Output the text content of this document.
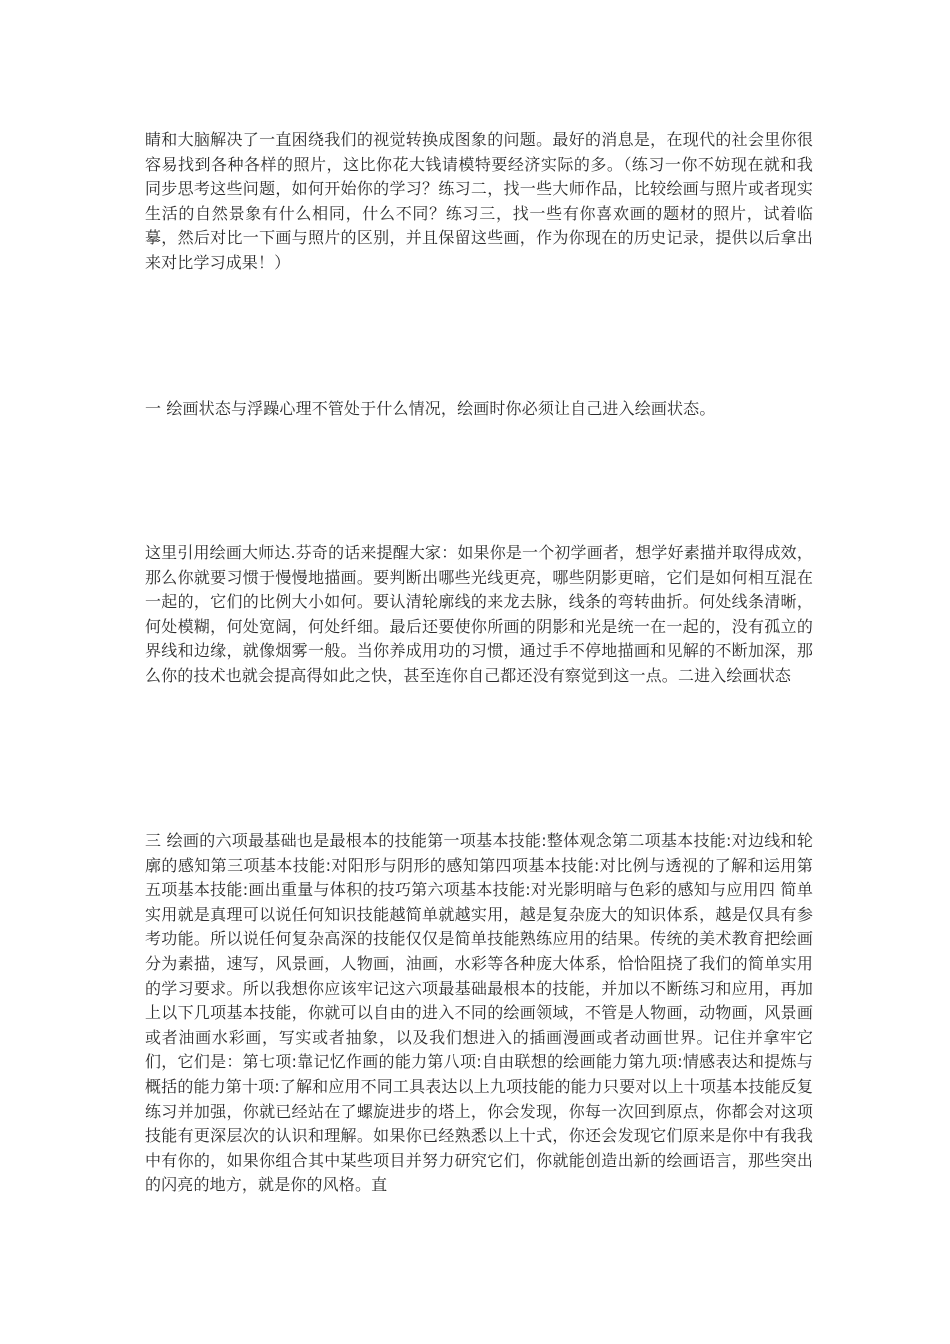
睛和大脑解决了一直困绕我们的视觉转换成图象的问题。最好的消息是，在现代的社会里你很容易找到各种各样的照片，这比你花大钱请模特要经济实际的多。（练习一你不妨现在就和我同步思考这些问题，如何开始你的学习？练习二，找一些大师作品，比较绘画与照片或者现实生活的自然景象有什么相同，什么不同？练习三，找一些有你喜欢画的题材的照片，试着临摹，然后对比一下画与照片的区别，并且保留这些画，作为你现在的历史记录，提供以后拿出来对比学习成果！）

一 绘画状态与浮躁心理不管处于什么情况，绘画时你必须让自己进入绘画状态。

这里引用绘画大师达.芬奇的话来提醒大家：如果你是一个初学画者，想学好素描并取得成效，那么你就要习惯于慢慢地描画。要判断出哪些光线更亮，哪些阴影更暗，它们是如何相互混在一起的，它们的比例大小如何。要认清轮廓线的来龙去脉，线条的弯转曲折。何处线条清晰，何处模糊，何处宽阔，何处纤细。最后还要使你所画的阴影和光是统一在一起的，没有孤立的界线和边缘，就像烟雾一般。当你养成用功的习惯，通过手不停地描画和见解的不断加深，那么你的技术也就会提高得如此之快，甚至连你自己都还没有察觉到这一点。二进入绘画状态

三 绘画的六项最基础也是最根本的技能第一项基本技能:整体观念第二项基本技能:对边线和轮廓的感知第三项基本技能:对阳形与阴形的感知第四项基本技能:对比例与透视的了解和运用第五项基本技能:画出重量与体积的技巧第六项基本技能:对光影明暗与色彩的感知与应用四 简单实用就是真理可以说任何知识技能越简单就越实用，越是复杂庞大的知识体系，越是仅具有参考功能。所以说任何复杂高深的技能仅仅是简单技能熟练应用的结果。传统的美术教育把绘画分为素描，速写，风景画，人物画，油画，水彩等各种庞大体系，恰恰阻挠了我们的简单实用的学习要求。所以我想你应该牢记这六项最基础最根本的技能，并加以不断练习和应用，再加上以下几项基本技能，你就可以自由的进入不同的绘画领域，不管是人物画，动物画，风景画或者油画水彩画，写实或者抽象，以及我们想进入的插画漫画或者动画世界。记住并拿牢它们，它们是：第七项:靠记忆作画的能力第八项:自由联想的绘画能力第九项:情感表达和提炼与概括的能力第十项:了解和应用不同工具表达以上九项技能的能力只要对以上十项基本技能反复练习并加强，你就已经站在了螺旋进步的塔上，你会发现，你每一次回到原点，你都会对这项技能有更深层次的认识和理解。如果你已经熟悉以上十式，你还会发现它们原来是你中有我我中有你的，如果你组合其中某些项目并努力研究它们，你就能创造出新的绘画语言，那些突出的闪亮的地方，就是你的风格。直
